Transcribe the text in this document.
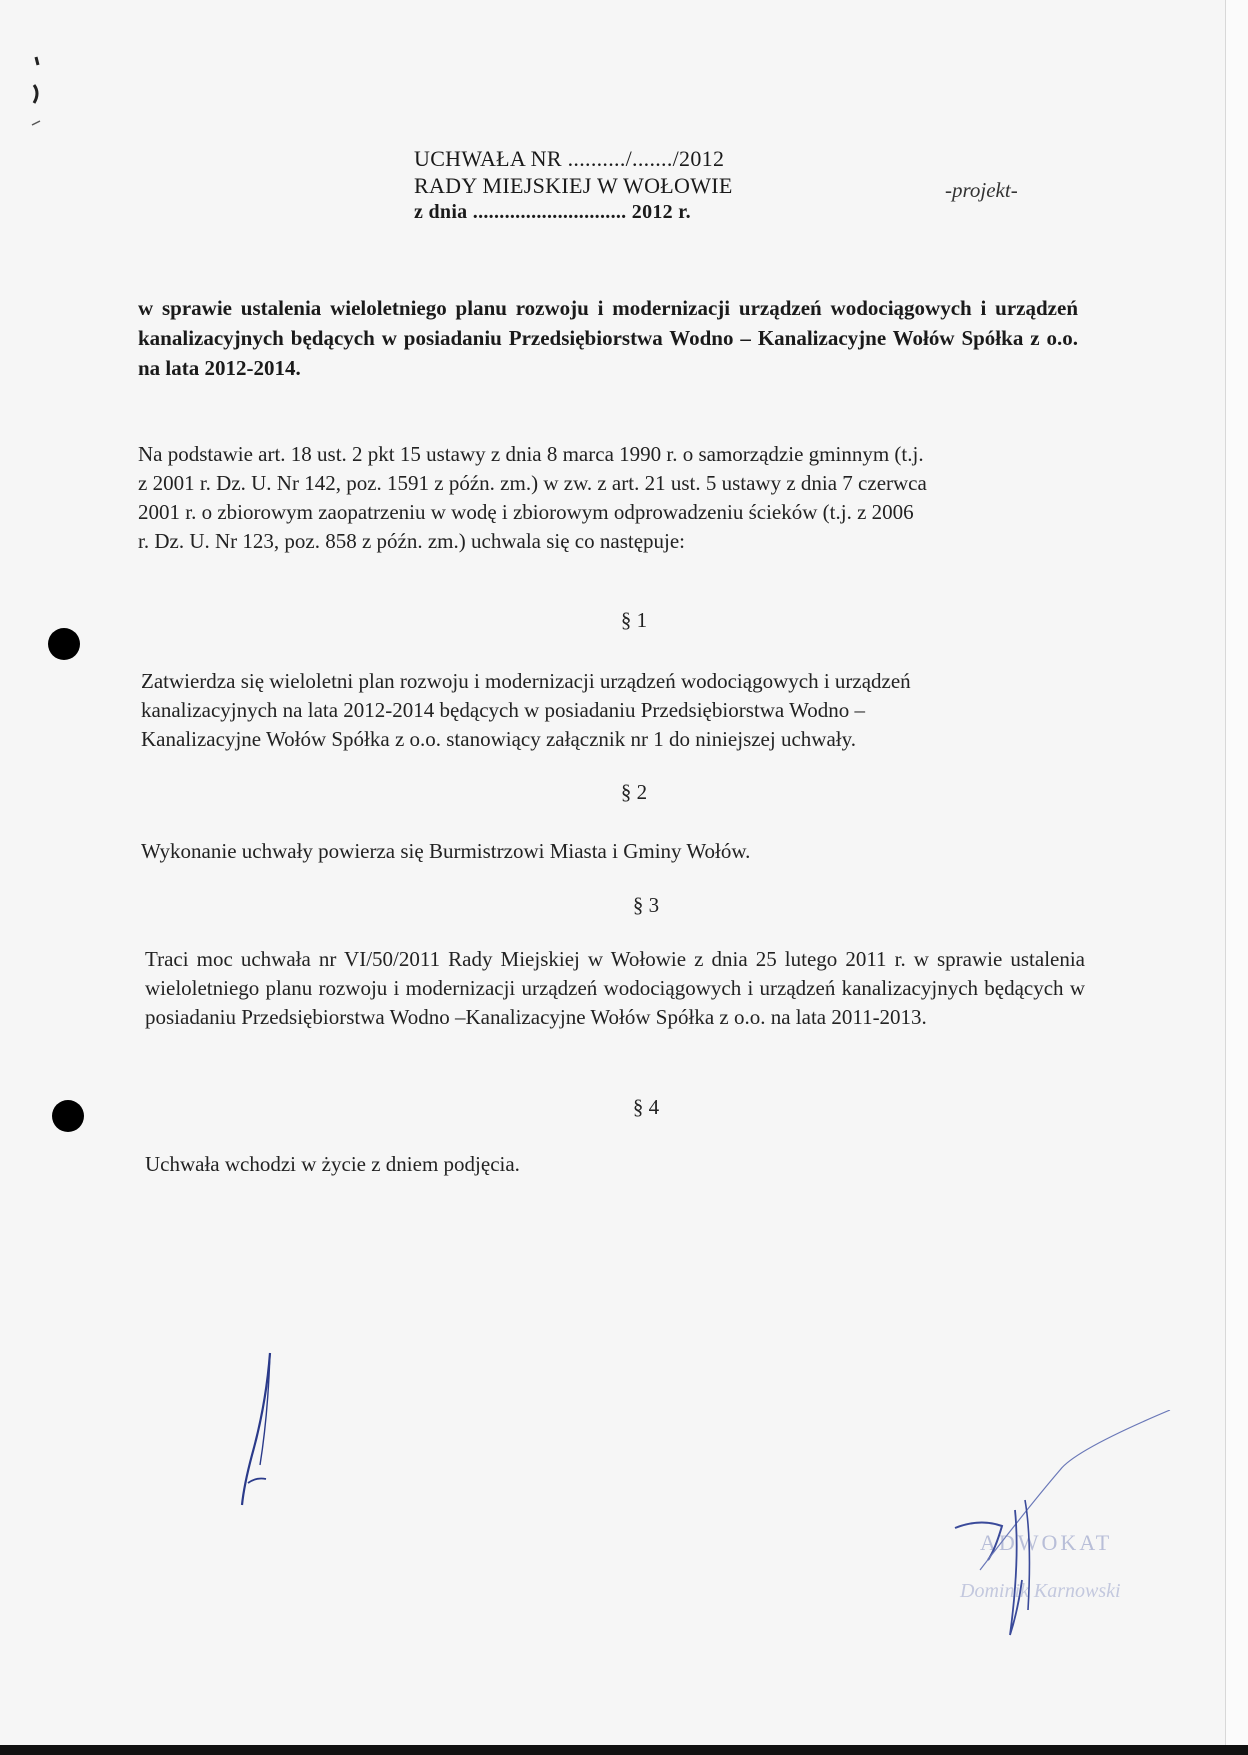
UCHWAŁA NR ........../......./2012
RADY MIEJSKIEJ W WOŁOWIE
z dnia ............................. 2012 r.
-projekt-
w sprawie ustalenia wieloletniego planu rozwoju i modernizacji urządzeń wodociągowych i urządzeń kanalizacyjnych będących w posiadaniu Przedsiębiorstwa Wodno – Kanalizacyjne Wołów Spółka z o.o. na lata 2012-2014.
Na podstawie art. 18 ust. 2 pkt 15 ustawy z dnia 8 marca 1990 r. o samorządzie gminnym (t.j.
z 2001 r. Dz. U. Nr 142, poz. 1591 z późn. zm.) w zw. z art. 21 ust. 5 ustawy z dnia 7 czerwca
2001 r. o zbiorowym zaopatrzeniu w wodę i zbiorowym odprowadzeniu ścieków (t.j. z 2006
r. Dz. U. Nr 123, poz. 858 z późn. zm.) uchwala się co następuje:
§ 1
Zatwierdza się wieloletni plan rozwoju i modernizacji urządzeń wodociągowych i urządzeń
kanalizacyjnych na lata 2012-2014 będących w posiadaniu Przedsiębiorstwa Wodno –
Kanalizacyjne Wołów Spółka z o.o. stanowiący załącznik nr 1 do niniejszej uchwały.
§ 2
Wykonanie uchwały powierza się Burmistrzowi Miasta i Gminy Wołów.
§ 3
Traci moc uchwała nr VI/50/2011 Rady Miejskiej w Wołowie z dnia 25 lutego 2011 r. w sprawie ustalenia wieloletniego planu rozwoju i modernizacji urządzeń wodociągowych i urządzeń kanalizacyjnych będących w posiadaniu Przedsiębiorstwa Wodno –Kanalizacyjne Wołów Spółka z o.o. na lata 2011-2013.
§ 4
Uchwała wchodzi w życie z dniem podjęcia.
ADWOKAT
Dominik Karnowski
